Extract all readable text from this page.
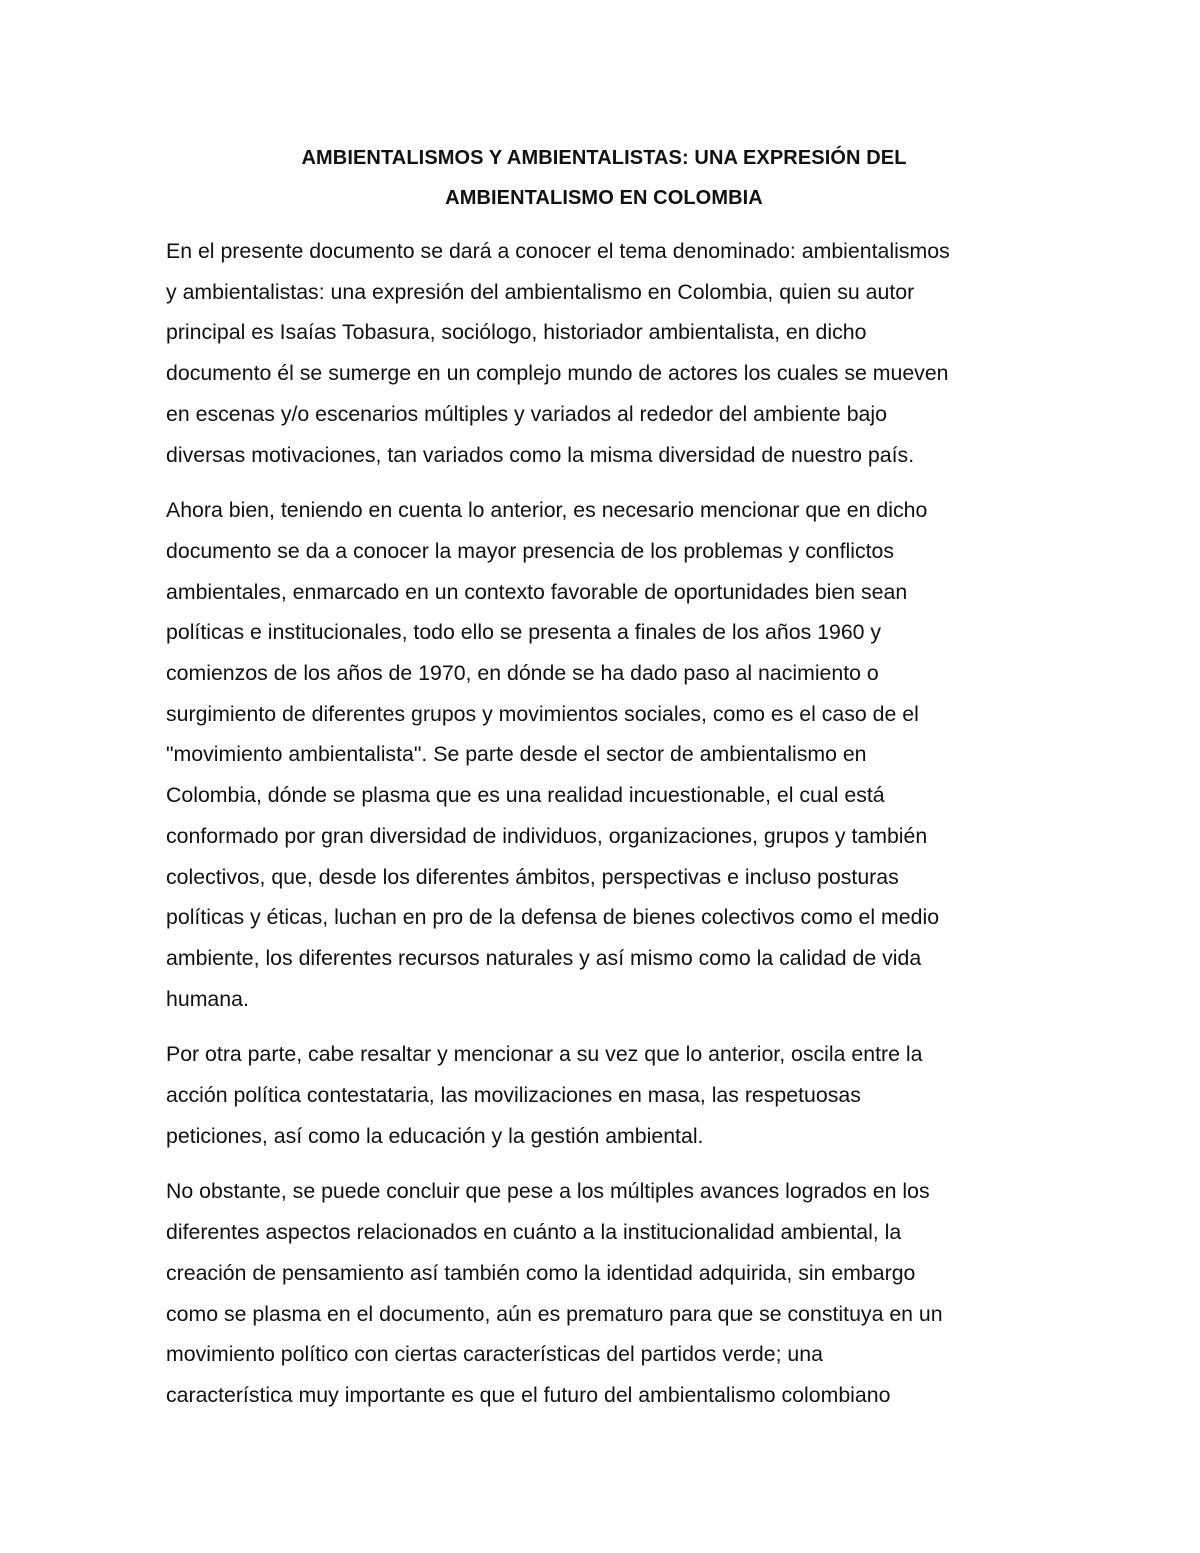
AMBIENTALISMOS Y AMBIENTALISTAS: UNA EXPRESIÓN DEL
AMBIENTALISMO EN COLOMBIA

En el presente documento se dará a conocer el tema denominado: ambientalismos
y ambientalistas: una expresión del ambientalismo en Colombia, quien su autor
principal es Isaías Tobasura, sociólogo, historiador ambientalista, en dicho
documento él se sumerge en un complejo mundo de actores los cuales se mueven
en escenas y/o escenarios múltiples y variados al rededor del ambiente bajo
diversas motivaciones, tan variados como la misma diversidad de nuestro país.

Ahora bien, teniendo en cuenta lo anterior, es necesario mencionar que en dicho
documento se da a conocer la mayor presencia de los problemas y conflictos
ambientales, enmarcado en un contexto favorable de oportunidades bien sean
políticas e institucionales, todo ello se presenta a finales de los años 1960 y
comienzos de los años de 1970, en dónde se ha dado paso al nacimiento o
surgimiento de diferentes grupos y movimientos sociales, como es el caso de el
"movimiento ambientalista". Se parte desde el sector de ambientalismo en
Colombia, dónde se plasma que es una realidad incuestionable, el cual está
conformado por gran diversidad de individuos, organizaciones, grupos y también
colectivos, que, desde los diferentes ámbitos, perspectivas e incluso posturas
políticas y éticas, luchan en pro de la defensa de bienes colectivos como el medio
ambiente, los diferentes recursos naturales y así mismo como la calidad de vida
humana.

Por otra parte, cabe resaltar y mencionar a su vez que lo anterior, oscila entre la
acción política contestataria, las movilizaciones en masa, las respetuosas
peticiones, así como la educación y la gestión ambiental.

No obstante, se puede concluir que pese a los múltiples avances logrados en los
diferentes aspectos relacionados en cuánto a la institucionalidad ambiental, la
creación de pensamiento así también como la identidad adquirida, sin embargo
como se plasma en el documento, aún es prematuro para que se constituya en un
movimiento político con ciertas características del partidos verde; una
característica muy importante es que el futuro del ambientalismo colombiano
